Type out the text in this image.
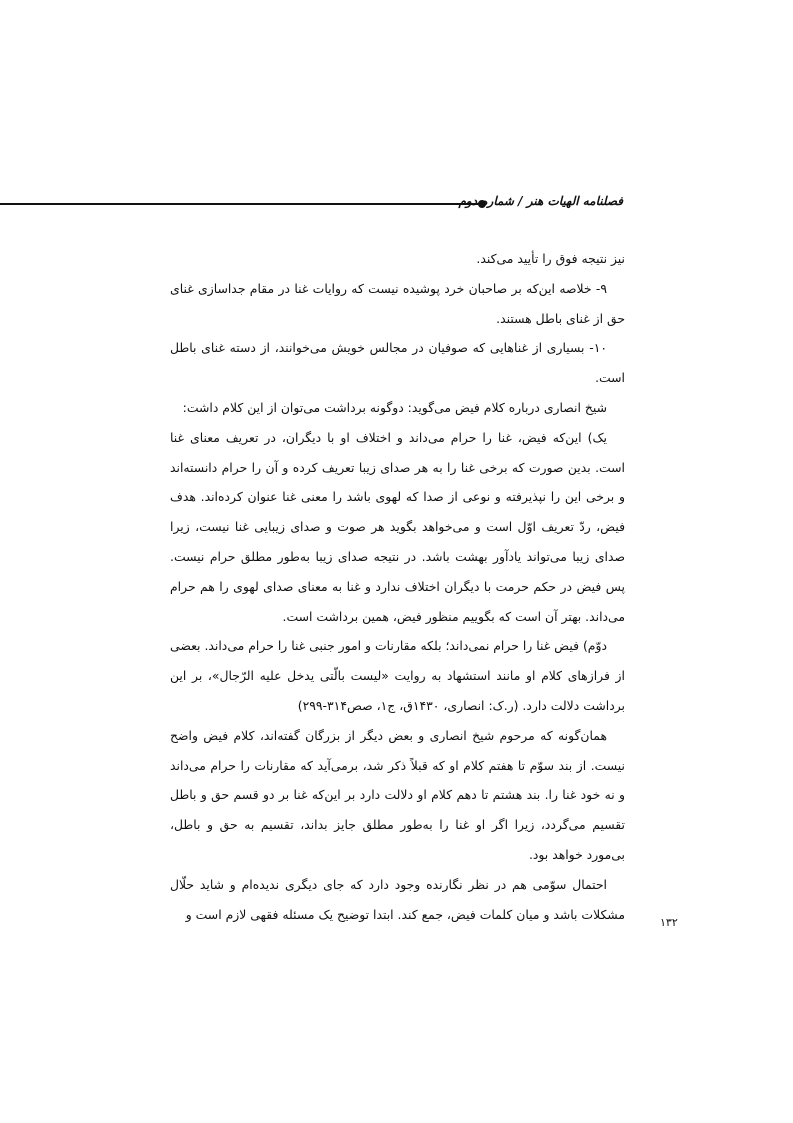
فصلنامه الهیات هنر / شماره دوم

نیز نتیجه فوق را تأیید می‌کند.

۹- خلاصه این‌که بر صاحبان خرد پوشیده نیست که روایات غنا در مقام جداسازی غنای حق از غنای باطل هستند.

۱۰- بسیاری از غناهایی که صوفیان در مجالس خویش می‌خوانند، از دسته غنای باطل است.

شیخ انصاری درباره کلام فیض می‌گوید: دوگونه برداشت می‌توان از این کلام داشت:

یک) این‌که فیض، غنا را حرام می‌داند و اختلاف او با دیگران، در تعریف معنای غنا است. بدین صورت که برخی غنا را به هر صدای زیبا تعریف کرده و آن را حرام دانسته‌اند و برخی این را نپذیرفته و نوعی از صدا که لهوی باشد را معنی غنا عنوان کرده‌اند. هدف فیض، ردّ تعریف اوّل است و می‌خواهد بگوید هر صوت و صدای زیبایی غنا نیست، زیرا صدای زیبا می‌تواند یادآور بهشت باشد. در نتیجه صدای زیبا به‌طور مطلق حرام نیست. پس فیض در حکم حرمت با دیگران اختلاف ندارد و غنا به معنای صدای لهوی را هم حرام می‌داند. بهتر آن است که بگوییم منظور فیض، همین برداشت است.

دوّم) فیض غنا را حرام نمی‌داند؛ بلکه مقارنات و امور جنبی غنا را حرام می‌داند. بعضی از فرازهای کلام او مانند استشهاد به روایت «لیست بالّتی یدخل علیه الرّجال»، بر این برداشت دلالت دارد. (ر.ک: انصاری، ۱۴۳۰ق، ج۱، صص۳۱۴-۲۹۹)

همان‌گونه که مرحوم شیخ انصاری و بعض دیگر از بزرگان گفته‌اند، کلام فیض واضح نیست. از بند سوّم تا هفتم کلام او که قبلاً ذکر شد، برمی‌آید که مقارنات را حرام می‌داند و نه خود غنا را. بند هشتم تا دهم کلام او دلالت دارد بر این‌که غنا بر دو قسم حق و باطل تقسیم می‌گردد، زیرا اگر او غنا را به‌طور مطلق جایز بداند، تقسیم به حق و باطل، بی‌مورد خواهد بود.

احتمال سوّمی هم در نظر نگارنده وجود دارد که جای دیگری ندیده‌ام و شاید حلّال مشکلات باشد و میان کلمات فیض، جمع کند. ابتدا توضیح یک مسئله فقهی لازم است و

۱۳۲
